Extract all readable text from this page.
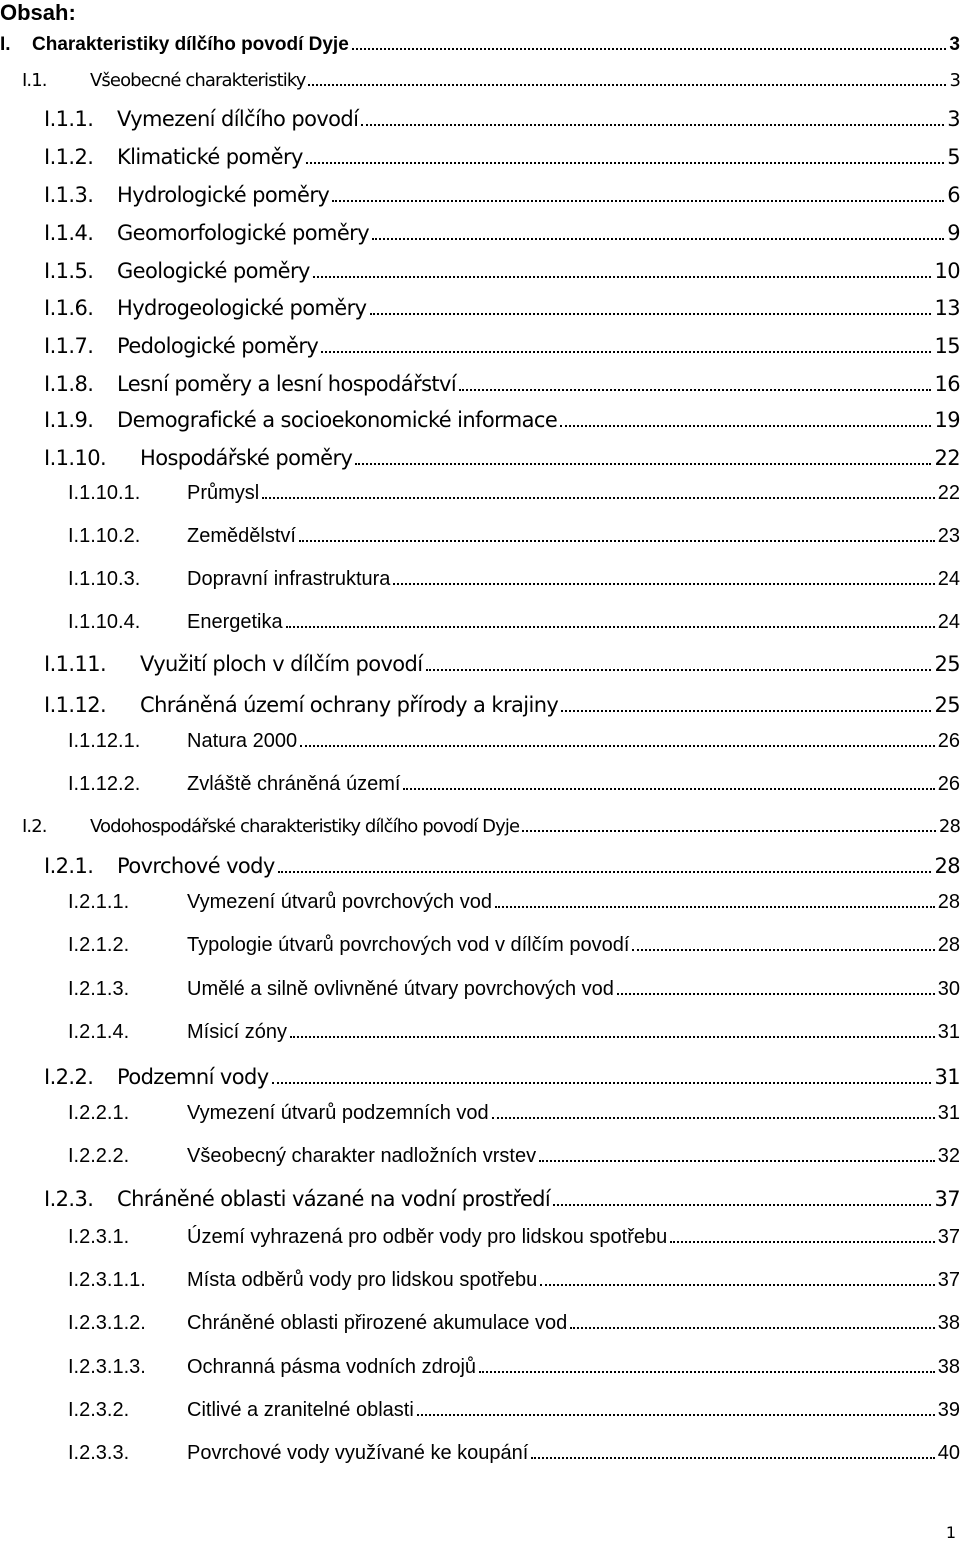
Obsah:
I.	Charakteristiky dílčího povodí Dyje	3
I.1.	Všeobecné charakteristiky	3
I.1.1.	Vymezení dílčího povodí	3
I.1.2.	Klimatické poměry	5
I.1.3.	Hydrologické poměry	6
I.1.4.	Geomorfologické poměry	9
I.1.5.	Geologické poměry	10
I.1.6.	Hydrogeologické poměry	13
I.1.7.	Pedologické poměry	15
I.1.8.	Lesní poměry a lesní hospodářství	16
I.1.9.	Demografické a socioekonomické informace	19
I.1.10.	Hospodářské poměry	22
I.1.10.1.	Průmysl	22
I.1.10.2.	Zemědělství	23
I.1.10.3.	Dopravní infrastruktura	24
I.1.10.4.	Energetika	24
I.1.11.	Využití ploch v dílčím povodí	25
I.1.12.	Chráněná území ochrany přírody a krajiny	25
I.1.12.1.	Natura 2000	26
I.1.12.2.	Zvláště chráněná území	26
I.2.	Vodohospodářské charakteristiky dílčího povodí Dyje	28
I.2.1.	Povrchové vody	28
I.2.1.1.	Vymezení útvarů povrchových vod	28
I.2.1.2.	Typologie útvarů povrchových vod v dílčím povodí	28
I.2.1.3.	Umělé a silně ovlivněné útvary povrchových vod	30
I.2.1.4.	Mísicí zóny	31
I.2.2.	Podzemní vody	31
I.2.2.1.	Vymezení útvarů podzemních vod	31
I.2.2.2.	Všeobecný charakter nadložních vrstev	32
I.2.3.	Chráněné oblasti vázané na vodní prostředí	37
I.2.3.1.	Území vyhrazená pro odběr vody pro lidskou spotřebu	37
I.2.3.1.1.	Místa odběrů vody pro lidskou spotřebu	37
I.2.3.1.2.	Chráněné oblasti přirozené akumulace vod	38
I.2.3.1.3.	Ochranná pásma vodních zdrojů	38
I.2.3.2.	Citlivé a zranitelné oblasti	39
I.2.3.3.	Povrchové vody využívané ke koupání	40
1
